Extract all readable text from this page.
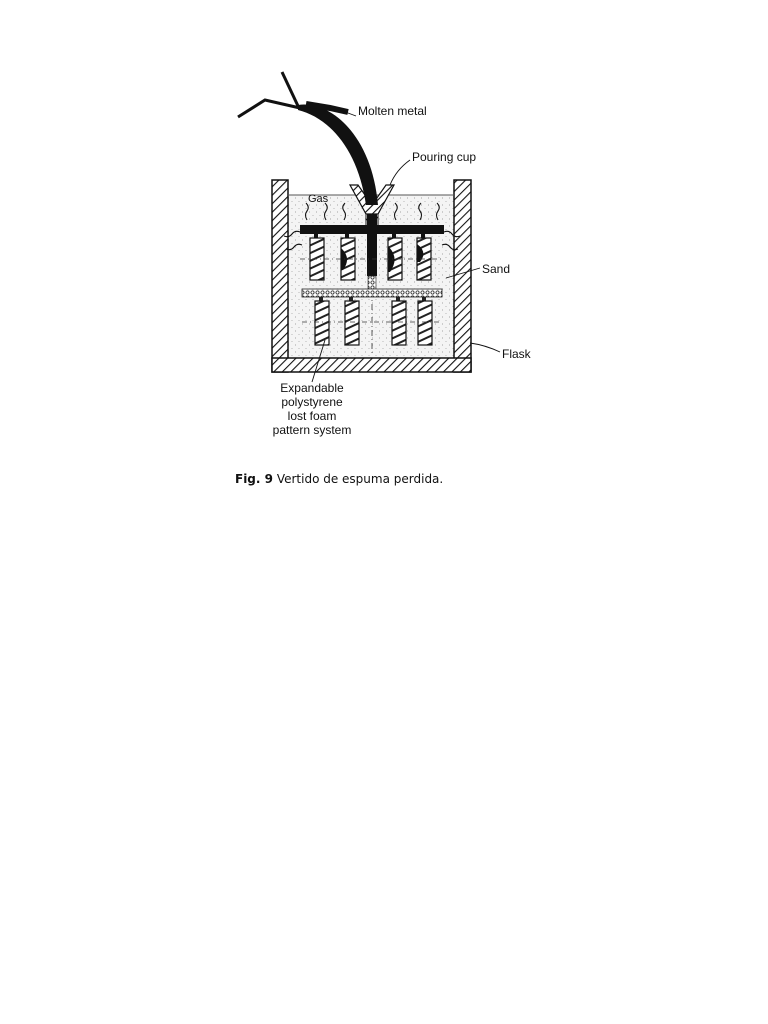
Molten metal
Pouring cup
Gas
Sand
Flask
Expandable
polystyrene
lost foam
pattern system
Fig. 9 Vertido de espuma perdida.
